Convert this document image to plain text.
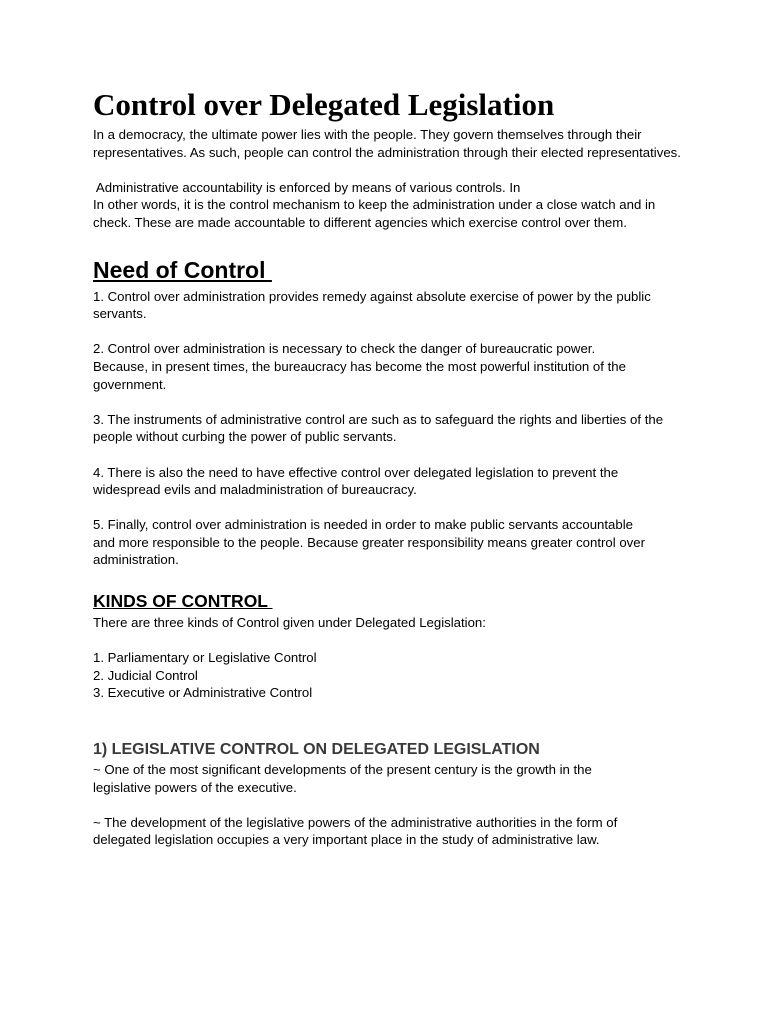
Control over Delegated Legislation

In a democracy, the ultimate power lies with the people. They govern themselves through their representatives. As such, people can control the administration through their elected representatives.

Administrative accountability is enforced by means of various controls. In
In other words, it is the control mechanism to keep the administration under a close watch and in check. These are made accountable to different agencies which exercise control over them.

Need of Control

1. Control over administration provides remedy against absolute exercise of power by the public servants.

2. Control over administration is necessary to check the danger of bureaucratic power. Because, in present times, the bureaucracy has become the most powerful institution of the government.

3. The instruments of administrative control are such as to safeguard the rights and liberties of the people without curbing the power of public servants.

4. There is also the need to have effective control over delegated legislation to prevent the widespread evils and maladministration of bureaucracy.

5. Finally, control over administration is needed in order to make public servants accountable and more responsible to the people. Because greater responsibility means greater control over administration.

KINDS OF CONTROL

There are three kinds of Control given under Delegated Legislation:

1. Parliamentary or Legislative Control

2. Judicial Control

3. Executive or Administrative Control

1) LEGISLATIVE CONTROL ON DELEGATED LEGISLATION

~ One of the most significant developments of the present century is the growth in the legislative powers of the executive.

~ The development of the legislative powers of the administrative authorities in the form of delegated legislation occupies a very important place in the study of administrative law.
